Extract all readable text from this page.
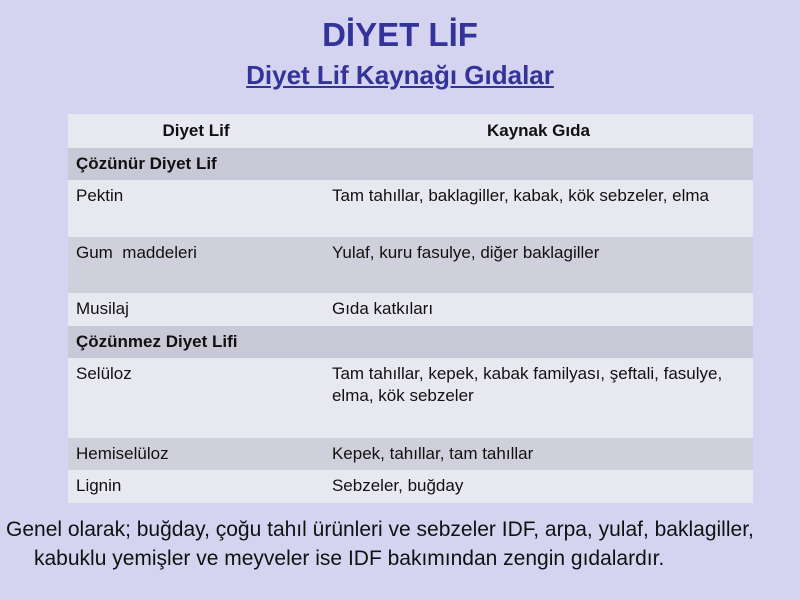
DİYET LİF
Diyet Lif Kaynağı Gıdalar
Diyet Lif	Kaynak Gıda
Çözünür Diyet Lif	
Pektin	Tam tahıllar, baklagiller, kabak, kök sebzeler, elma
Gum  maddeleri	Yulaf, kuru fasulye, diğer baklagiller
Musilaj	Gıda katkıları
Çözünmez Diyet Lifi	
Selüloz	Tam tahıllar, kepek, kabak familyası, şeftali, fasulye, elma, kök sebzeler
Hemiselüloz	Kepek, tahıllar, tam tahıllar
Lignin	Sebzeler, buğday

Genel olarak; buğday, çoğu tahıl ürünleri ve sebzeler IDF, arpa, yulaf, baklagiller, kabuklu yemişler ve meyveler ise IDF bakımından zengin gıdalardır.
